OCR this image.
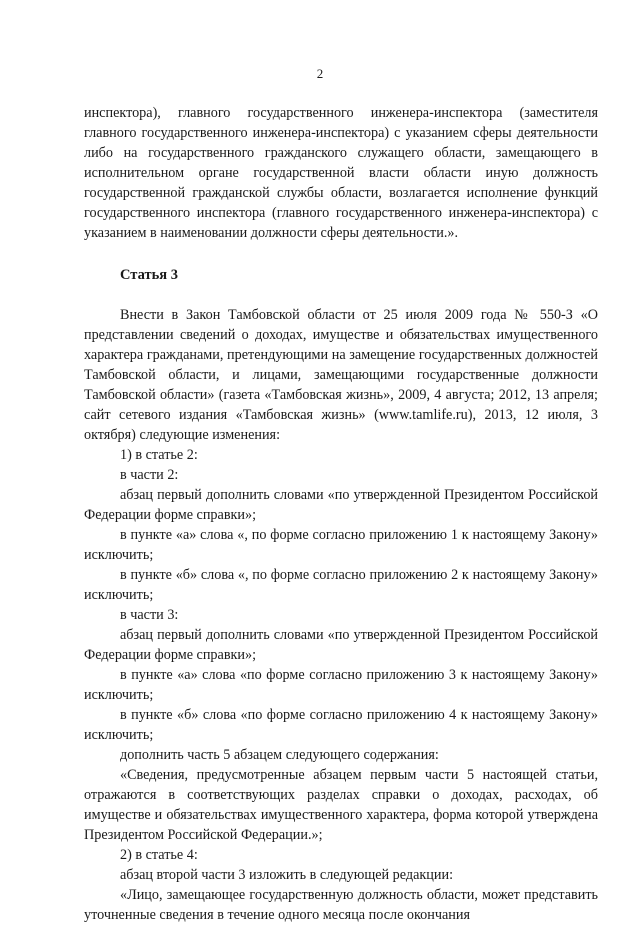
2

инспектора), главного государственного инженера-инспектора (заместителя главного государственного инженера-инспектора) с указанием сферы деятельности либо на государственного гражданского служащего области, замещающего в исполнительном органе государственной власти области иную должность государственной гражданской службы области, возлагается исполнение функций государственного инспектора (главного государственного инженера-инспектора) с указанием в наименовании должности сферы деятельности.».

Статья 3

Внести в Закон Тамбовской области от 25 июля 2009 года № 550-З «О представлении сведений о доходах, имуществе и обязательствах имущественного характера гражданами, претендующими на замещение государственных должностей Тамбовской области, и лицами, замещающими государственные должности Тамбовской области» (газета «Тамбовская жизнь», 2009, 4 августа; 2012, 13 апреля; сайт сетевого издания «Тамбовская жизнь» (www.tamlife.ru), 2013, 12 июля, 3 октября) следующие изменения:

1) в статье 2:

в части 2:

абзац первый дополнить словами «по утвержденной Президентом Российской Федерации форме справки»;

в пункте «а» слова «, по форме согласно приложению 1 к настоящему Закону» исключить;

в пункте «б» слова «, по форме согласно приложению 2 к настоящему Закону» исключить;

в части 3:

абзац первый дополнить словами «по утвержденной Президентом Российской Федерации форме справки»;

в пункте «а» слова «по форме согласно приложению 3 к настоящему Закону» исключить;

в пункте «б» слова «по форме согласно приложению 4 к настоящему Закону» исключить;

дополнить часть 5 абзацем следующего содержания:

«Сведения, предусмотренные абзацем первым части 5 настоящей статьи, отражаются в соответствующих разделах справки о доходах, расходах, об имуществе и обязательствах имущественного характера, форма которой утверждена Президентом Российской Федерации.»;

2) в статье 4:

абзац второй части 3 изложить в следующей редакции:

«Лицо, замещающее государственную должность области, может представить уточненные сведения в течение одного месяца после окончания
